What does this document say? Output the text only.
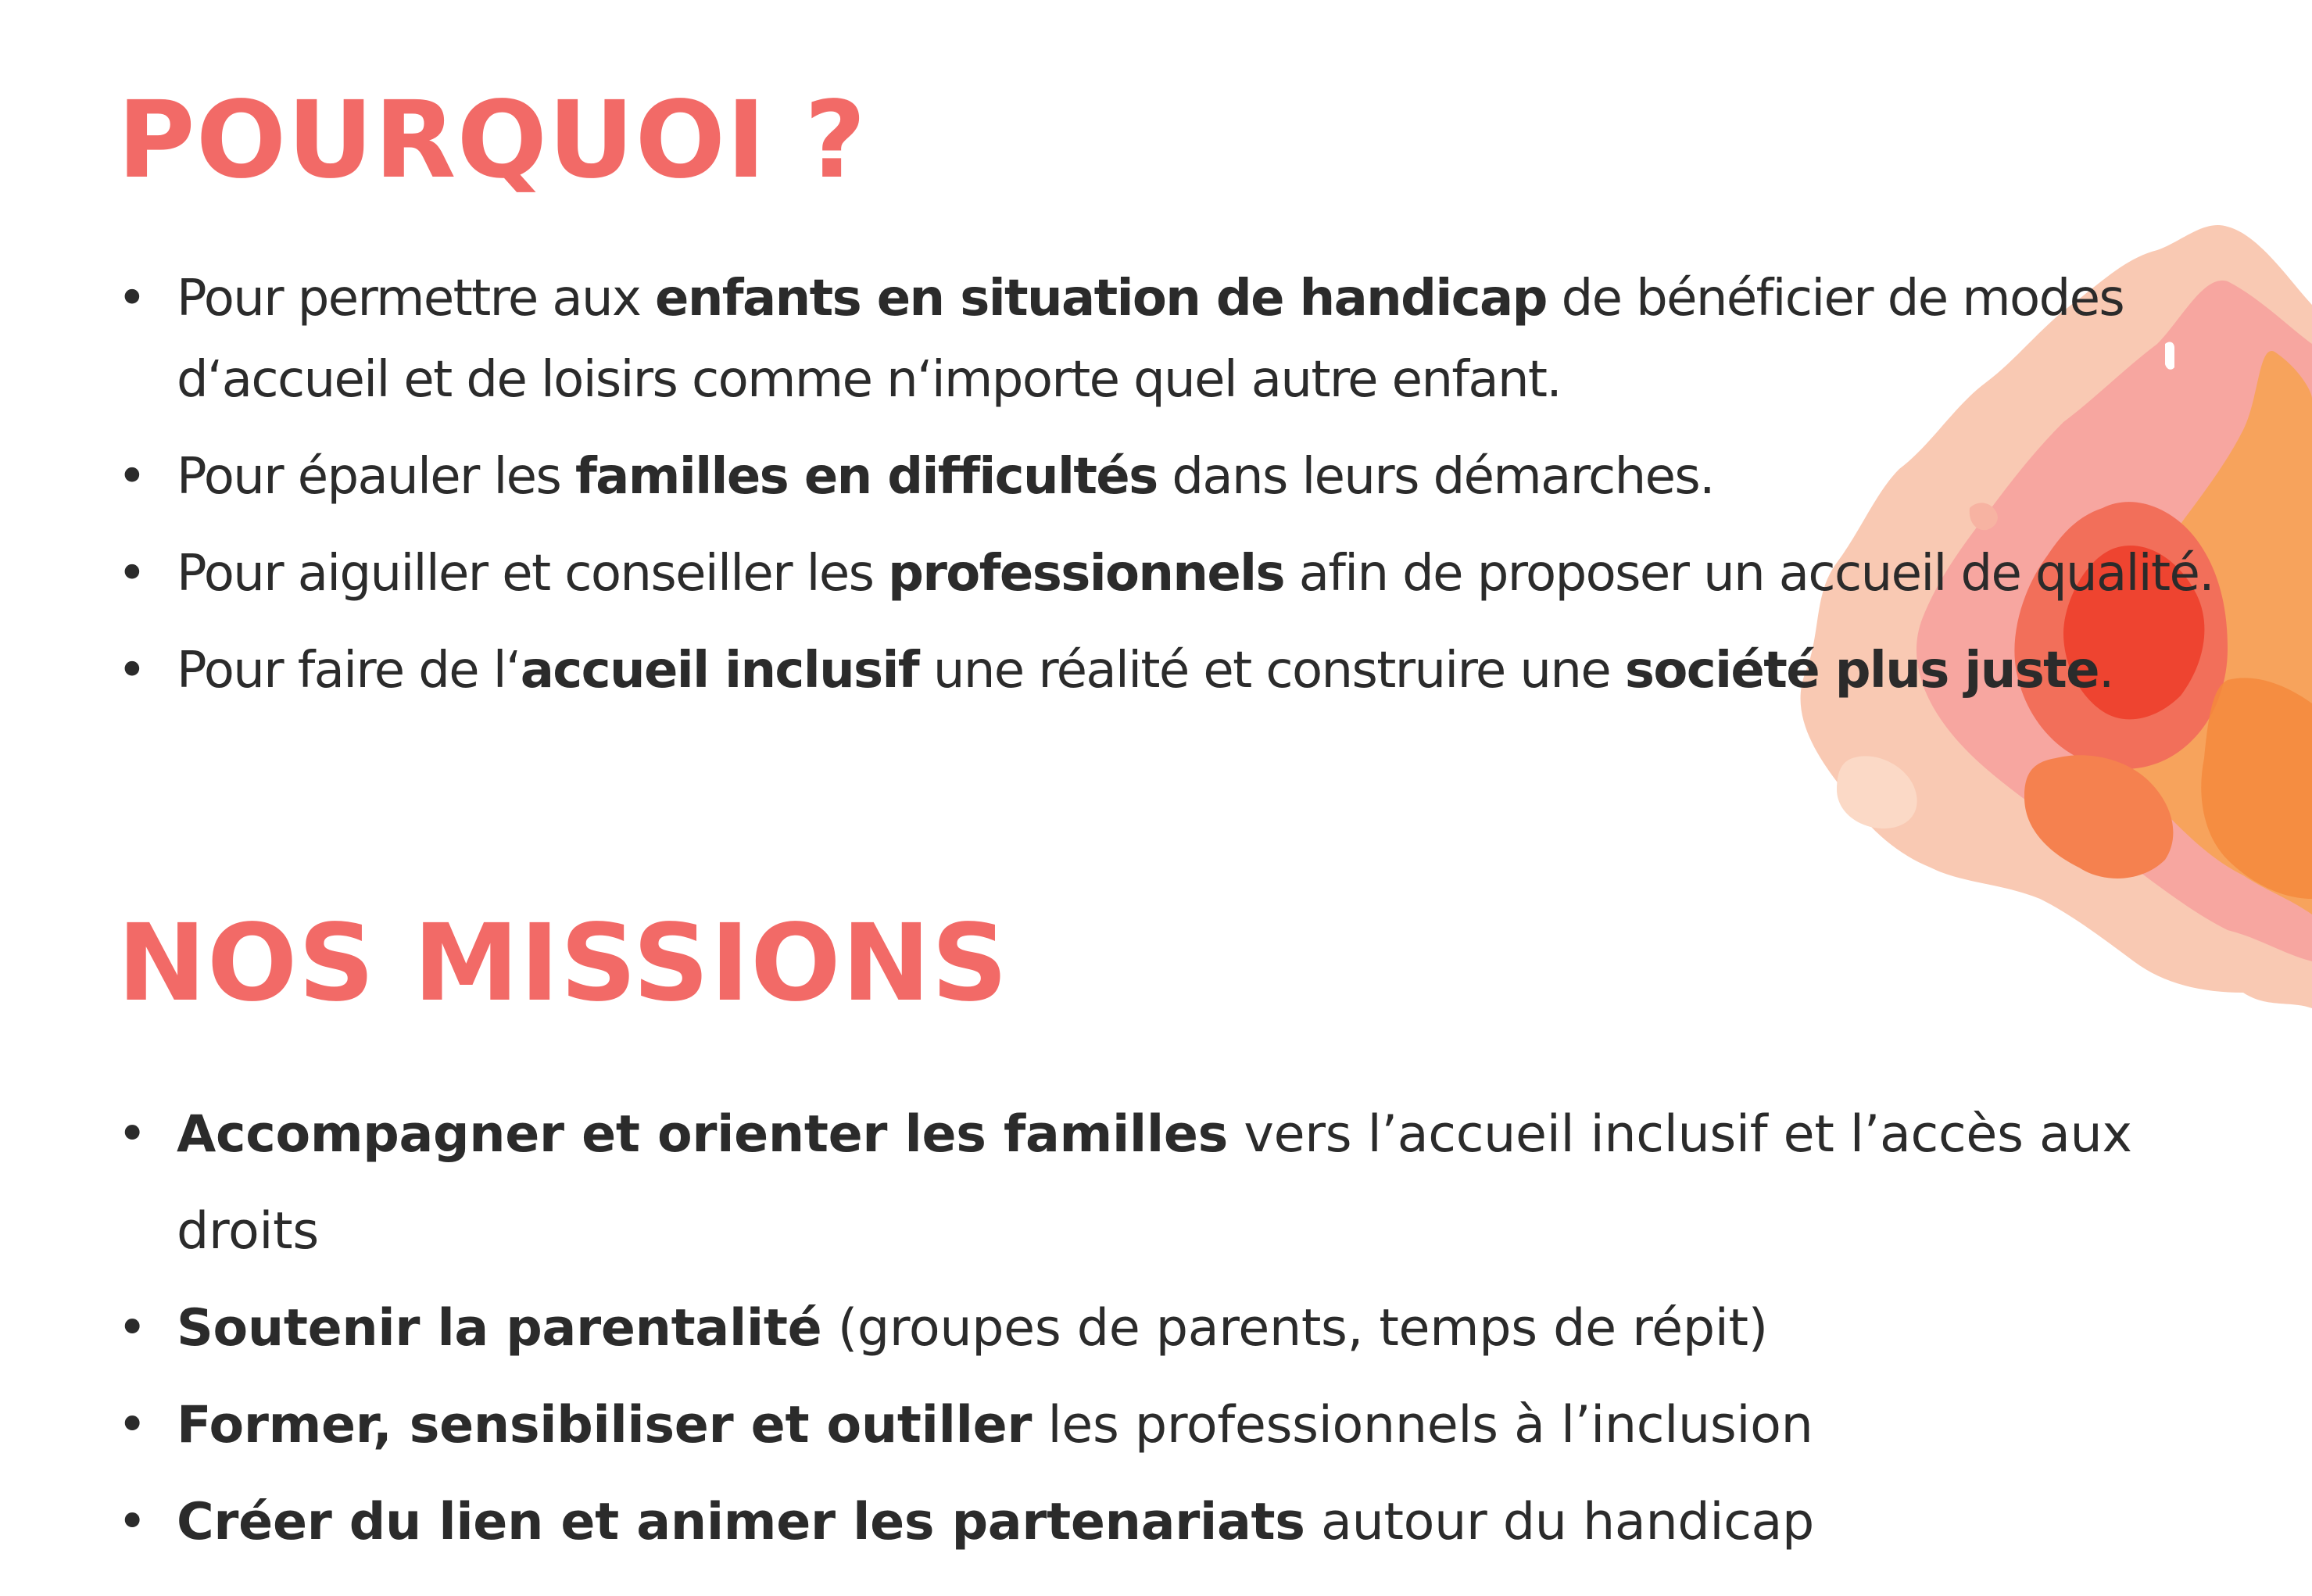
POURQUOI ?
• Pour permettre aux enfants en situation de handicap de bénéficier de modes d‘accueil et de loisirs comme n‘importe quel autre enfant.
• Pour épauler les familles en difficultés dans leurs démarches.
• Pour aiguiller et conseiller les professionnels afin de proposer un accueil de qualité.
• Pour faire de l‘accueil inclusif une réalité et construire une société plus juste.
NOS MISSIONS
• Accompagner et orienter les familles vers l’accueil inclusif et l’accès aux droits
• Soutenir la parentalité (groupes de parents, temps de répit)
• Former, sensibiliser et outiller les professionnels à l’inclusion
• Créer du lien et animer les partenariats autour du handicap
